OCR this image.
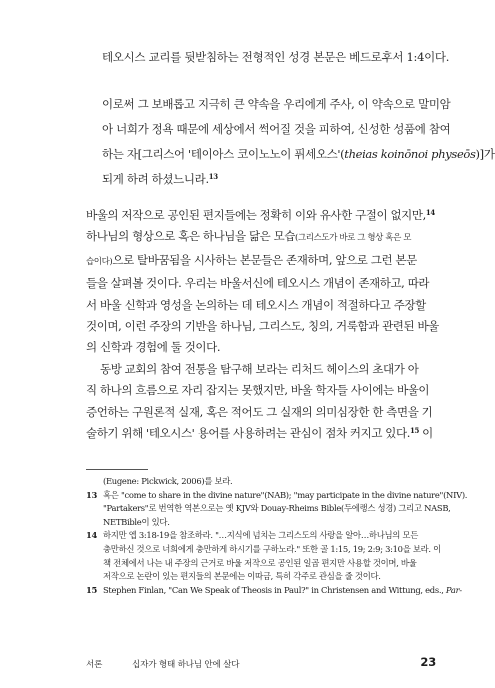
테오시스 교리를 뒷받침하는 전형적인 성경 본문은 베드로후서 1:4이다.
이로써 그 보배롭고 지극히 큰 약속을 우리에게 주사, 이 약속으로 말미암
아 너희가 정욕 때문에 세상에서 썩어질 것을 피하여, 신성한 성품에 참여
하는 자[그리스어 '테이아스 코이노노이 퓌세오스'(theias koinōnoi physeōs)]가
되게 하려 하셨느니라.$^{13}$
바울의 저작으로 공인된 편지들에는 정확히 이와 유사한 구절이 없지만,$^{14}$
하나님의 형상으로 혹은 하나님을 닮은 모습(그리스도가 바로 그 형상 혹은 모
습이다)으로 탈바꿈됨을 시사하는 본문들은 존재하며, 앞으로 그런 본문
들을 살펴볼 것이다. 우리는 바울서신에 테오시스 개념이 존재하고, 따라
서 바울 신학과 영성을 논의하는 데 테오시스 개념이 적절하다고 주장할
것이며, 이런 주장의 기반을 하나님, 그리스도, 칭의, 거룩함과 관련된 바울
의 신학과 경험에 둘 것이다.
동방 교회의 참여 전통을 탐구해 보라는 리처드 헤이스의 초대가 아
직 하나의 흐름으로 자리 잡지는 못했지만, 바울 학자들 사이에는 바울이
증언하는 구원론적 실재, 혹은 적어도 그 실재의 의미심장한 한 측면을 기
술하기 위해 '테오시스' 용어를 사용하려는 관심이 점차 커지고 있다.$^{15}$ 이
(Eugene: Pickwick, 2006)를 보라.
13 혹은 "come to share in the divine nature"(NAB); "may participate in the divine nature"(NIV).
"Partakers"로 번역한 역본으로는 옛 KJV와 Douay-Rheims Bible(두에랭스 성경) 그리고 NASB,
NETBible이 있다.
14 하지만 엡 3:18-19을 참조하라. "…지식에 넘치는 그리스도의 사랑을 알아…하나님의 모든
충만하신 것으로 너희에게 충만하게 하시기를 구하노라." 또한 골 1:15, 19; 2:9; 3:10을 보라. 이
책 전체에서 나는 내 주장의 근거로 바울 저작으로 공인된 일곱 편지만 사용할 것이며, 바울
저작으로 논란이 있는 편지들의 본문에는 이따금, 특히 각주로 관심을 줄 것이다.
15 Stephen Finlan, "Can We Speak of Theosis in Paul?" in Christensen and Wittung, eds., Par-
서론	십자가 형태 하나님 안에 살다	23
